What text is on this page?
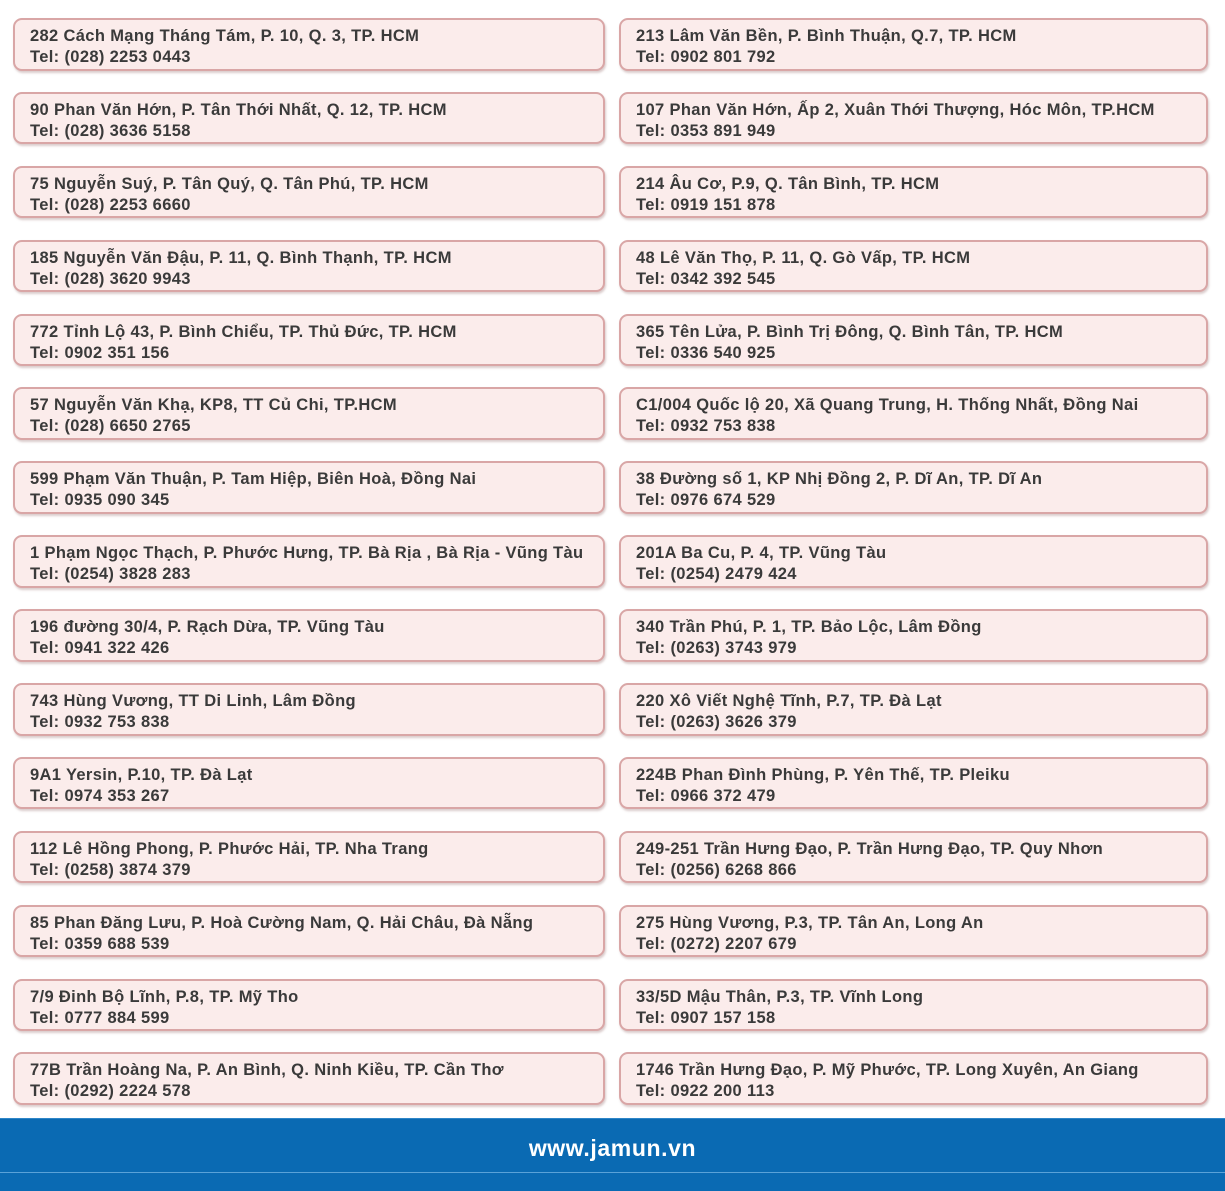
282 Cách Mạng Tháng Tám, P. 10, Q. 3, TP. HCM
Tel: (028) 2253 0443
213 Lâm Văn Bền, P. Bình Thuận, Q.7, TP. HCM
Tel: 0902 801 792
90 Phan Văn Hớn, P. Tân Thới Nhất, Q. 12, TP. HCM
Tel: (028) 3636 5158
107 Phan Văn Hớn, Ấp 2, Xuân Thới Thượng, Hóc Môn, TP.HCM
Tel: 0353 891 949
75 Nguyễn Suý, P. Tân Quý, Q. Tân Phú, TP. HCM
Tel: (028) 2253 6660
214 Âu Cơ, P.9, Q. Tân Bình, TP. HCM
Tel: 0919 151 878
185 Nguyễn Văn Đậu, P. 11, Q. Bình Thạnh, TP. HCM
Tel: (028) 3620 9943
48 Lê Văn Thọ, P. 11, Q. Gò Vấp, TP. HCM
Tel: 0342 392 545
772 Tỉnh Lộ 43, P. Bình Chiểu, TP. Thủ Đức, TP. HCM
Tel: 0902 351 156
365 Tên Lửa, P. Bình Trị Đông, Q. Bình Tân, TP. HCM
Tel: 0336 540 925
57 Nguyễn Văn Khạ, KP8, TT Củ Chi, TP.HCM
Tel: (028) 6650 2765
C1/004 Quốc lộ 20, Xã Quang Trung, H. Thống Nhất, Đồng Nai
Tel: 0932 753 838
599 Phạm Văn Thuận, P. Tam Hiệp, Biên Hoà, Đồng Nai
Tel: 0935 090 345
38 Đường số 1, KP Nhị Đồng 2, P. Dĩ An, TP. Dĩ An
Tel: 0976 674 529
1 Phạm Ngọc Thạch, P. Phước Hưng, TP. Bà Rịa , Bà Rịa - Vũng Tàu
Tel: (0254) 3828 283
201A Ba Cu, P. 4, TP. Vũng Tàu
Tel: (0254) 2479 424
196 đường 30/4, P. Rạch Dừa, TP. Vũng Tàu
Tel: 0941 322 426
340 Trần Phú, P. 1, TP. Bảo Lộc, Lâm Đồng
Tel: (0263) 3743 979
743 Hùng Vương, TT Di Linh, Lâm Đồng
Tel: 0932 753 838
220 Xô Viết Nghệ Tĩnh, P.7, TP. Đà Lạt
Tel: (0263) 3626 379
9A1 Yersin, P.10, TP. Đà Lạt
Tel: 0974 353 267
224B Phan Đình Phùng, P. Yên Thế, TP. Pleiku
Tel: 0966 372 479
112 Lê Hồng Phong, P. Phước Hải, TP. Nha Trang
Tel: (0258) 3874 379
249-251 Trần Hưng Đạo, P. Trần Hưng Đạo, TP. Quy Nhơn
Tel: (0256) 6268 866
85 Phan Đăng Lưu, P. Hoà Cường Nam, Q. Hải Châu, Đà Nẵng
Tel: 0359 688 539
275 Hùng Vương, P.3, TP. Tân An, Long An
Tel: (0272) 2207 679
7/9 Đinh Bộ Lĩnh, P.8, TP. Mỹ Tho
Tel: 0777 884 599
33/5D Mậu Thân, P.3, TP. Vĩnh Long
Tel: 0907 157 158
77B Trần Hoàng Na, P. An Bình, Q. Ninh Kiều, TP. Cần Thơ
Tel: (0292) 2224 578
1746 Trần Hưng Đạo, P. Mỹ Phước, TP. Long Xuyên, An Giang
Tel: 0922 200 113
www.jamun.vn
